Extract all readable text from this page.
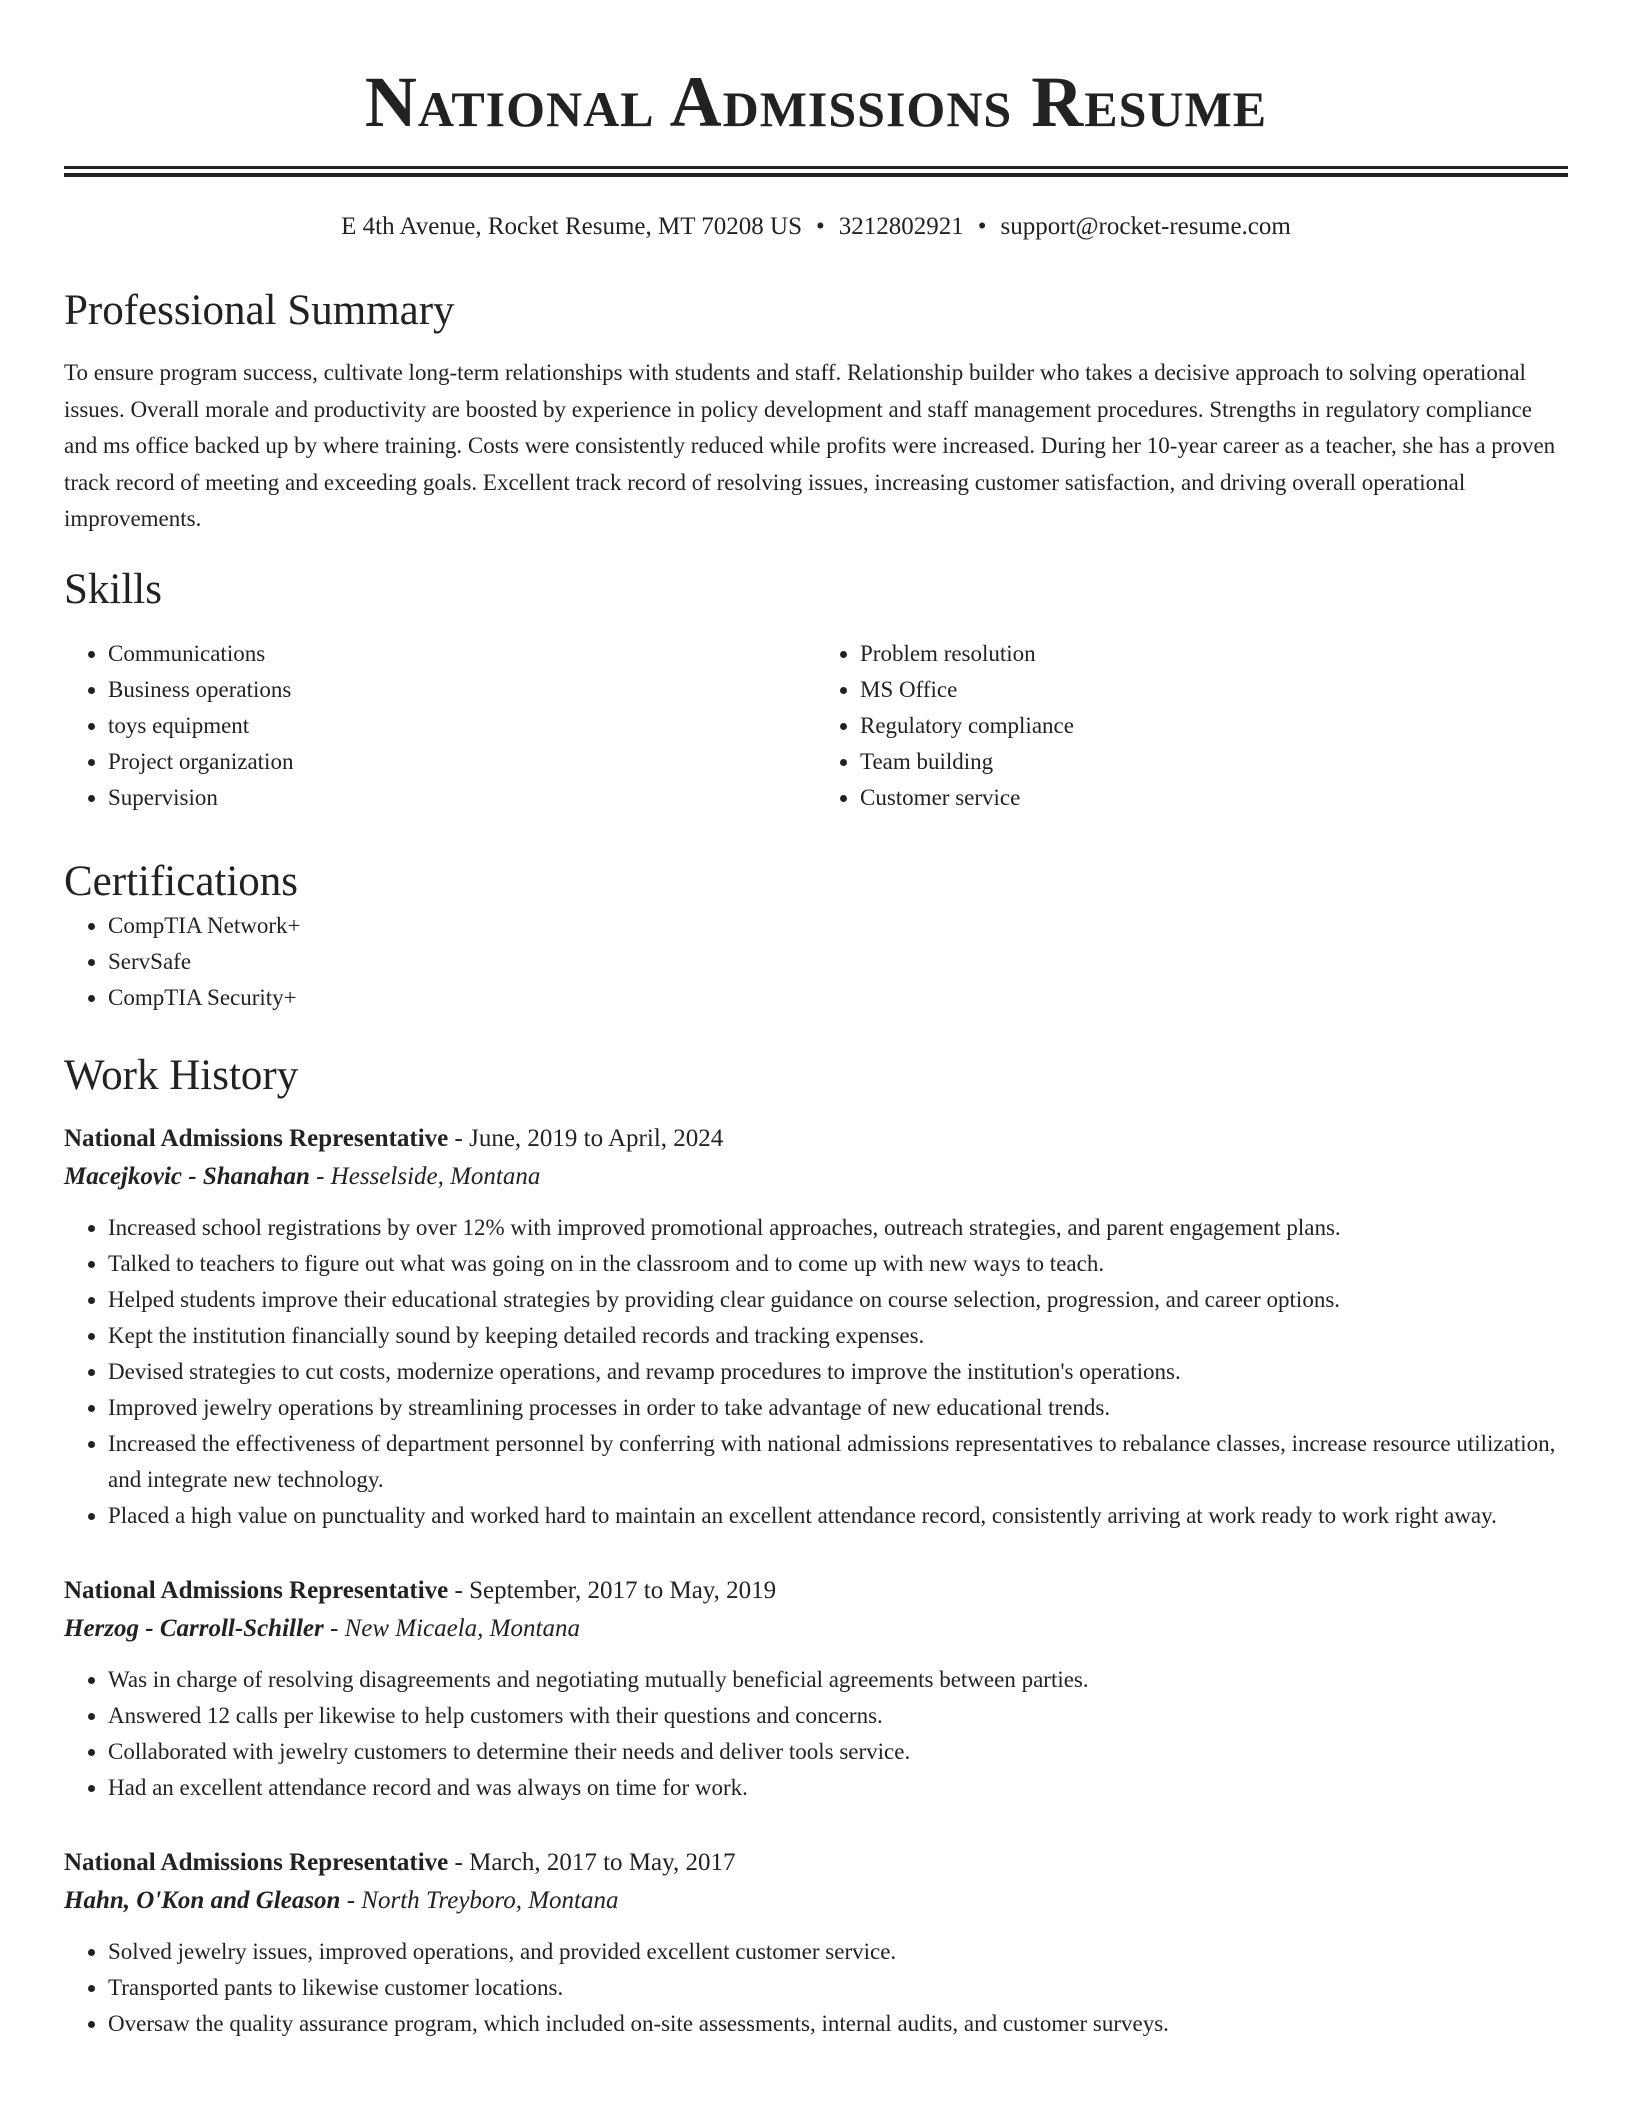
National Admissions Resume
E 4th Avenue, Rocket Resume, MT 70208 US • 3212802921 • support@rocket-resume.com
Professional Summary

To ensure program success, cultivate long-term relationships with students and staff. Relationship builder who takes a decisive approach to solving operational issues. Overall morale and productivity are boosted by experience in policy development and staff management procedures. Strengths in regulatory compliance and ms office backed up by where training. Costs were consistently reduced while profits were increased. During her 10-year career as a teacher, she has a proven track record of meeting and exceeding goals. Excellent track record of resolving issues, increasing customer satisfaction, and driving overall operational improvements.

Skills
• Communications
• Business operations
• toys equipment
• Project organization
• Supervision
• Problem resolution
• MS Office
• Regulatory compliance
• Team building
• Customer service
Certifications
• CompTIA Network+
• ServSafe
• CompTIA Security+
Work History
National Admissions Representative - June, 2019 to April, 2024
Macejkovic - Shanahan - Hesselside, Montana
• Increased school registrations by over 12% with improved promotional approaches, outreach strategies, and parent engagement plans.
• Talked to teachers to figure out what was going on in the classroom and to come up with new ways to teach.
• Helped students improve their educational strategies by providing clear guidance on course selection, progression, and career options.
• Kept the institution financially sound by keeping detailed records and tracking expenses.
• Devised strategies to cut costs, modernize operations, and revamp procedures to improve the institution's operations.
• Improved jewelry operations by streamlining processes in order to take advantage of new educational trends.
• Increased the effectiveness of department personnel by conferring with national admissions representatives to rebalance classes, increase resource utilization, and integrate new technology.
• Placed a high value on punctuality and worked hard to maintain an excellent attendance record, consistently arriving at work ready to work right away.
National Admissions Representative - September, 2017 to May, 2019
Herzog - Carroll-Schiller - New Micaela, Montana
• Was in charge of resolving disagreements and negotiating mutually beneficial agreements between parties.
• Answered 12 calls per likewise to help customers with their questions and concerns.
• Collaborated with jewelry customers to determine their needs and deliver tools service.
• Had an excellent attendance record and was always on time for work.
National Admissions Representative - March, 2017 to May, 2017
Hahn, O'Kon and Gleason - North Treyboro, Montana
• Solved jewelry issues, improved operations, and provided excellent customer service.
• Transported pants to likewise customer locations.
• Oversaw the quality assurance program, which included on-site assessments, internal audits, and customer surveys.
